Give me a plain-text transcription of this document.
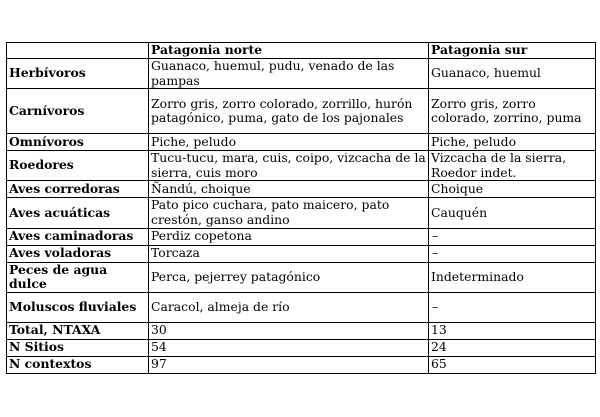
	Patagonia norte	Patagonia sur
Herbívoros	Guanaco, huemul, pudu, venado de las pampas	Guanaco, huemul
Carnívoros	Zorro gris, zorro colorado, zorrillo, hurón patagónico, puma, gato de los pajonales	Zorro gris, zorro colorado, zorrino, puma
Omnívoros	Piche, peludo	Piche, peludo
Roedores	Tucu-tucu, mara, cuis, coipo, vizcacha de la sierra, cuis moro	Vizcacha de la sierra, Roedor indet.
Aves corredoras	Ñandú, choique	Choique
Aves acuáticas	Pato pico cuchara, pato maicero, pato crestón, ganso andino	Cauquén
Aves caminadoras	Perdiz copetona	–
Aves voladoras	Torcaza	–
Peces de agua dulce	Perca, pejerrey patagónico	Indeterminado
Moluscos fluviales	Caracol, almeja de río	–
Total, NTAXA	30	13
N Sitios	54	24
N contextos	97	65
